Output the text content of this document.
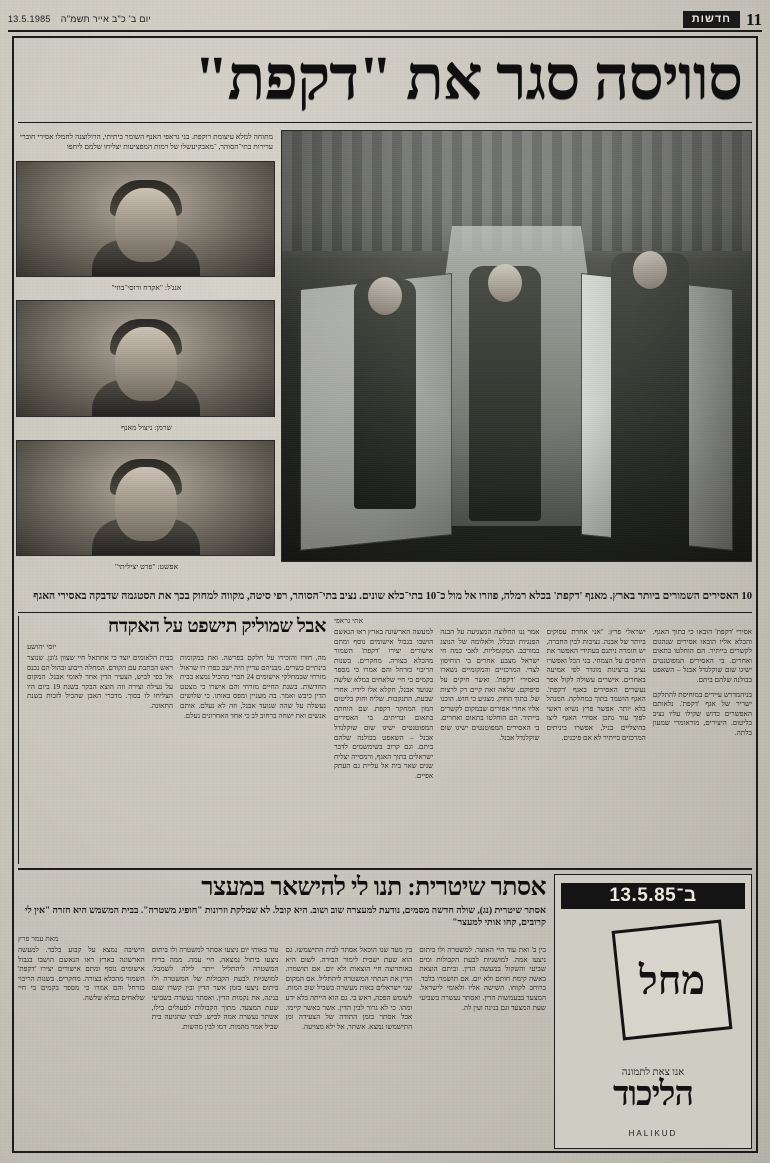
11
חדשות
יום ב' כ"ב אייר תשמ"ה
13.5.1985
סוויסה סגר את "דקפת"
מתוחה למלא עיצומת רוקפת. בני גראפי האנף השומר ביתיתי, הרולוצנה לחמלו אסירי חוברי ערירות בתי־הסוהר, ־מאבקיעשלו של רמות המפציעות יצליחו שלמם ליתפו
אנג'ל: "אקדח ורוסי־בוזי"
שרמן: ניצול מאנף
אפשט: "פרט יציליתי"

10 האסירים השמורים ביותר בארץ. מאנף 'דקפת' בכלא רמלה, פוזרו אל מול כ־10 בתי־כלא שונים. נציב בתי־הסוהר, רפי סיטה, מקווה למחוק בכך את הסטגמה שדבקה באסירי האגף

אתי גראפי

אסירי 'דקפת' הובאו כי בתוך האגף. והכלא אליו הובאו אסירים שנהגום לקשרים בייתיר. הם הוחלטו בתאום ואחרים. בי האסירים המפוטנטים ישיגו שום שוקלנדל אבנל – השאפט בכולנה שלהם ביתם.

בניהמדרש עיירים במוחיסת להתלקם ישריר של אגף 'דקפת'. נלאותם האפשרים כדוש שקילו עליו נציב בליטום. היצירים, מוראומרי שמעון בלתה.

ישראלי פרץ: "אני אחרת עסוקים ביותר של אבנה. נציבות לבין החברה, יש חומרה ניתנם בעתידי האפשר את היחסים על הצמחי. בני הכל ואפשרו נציב ברצינות מוגדר לפי אמיעה באחרים. אישרים עשולה לקול אפר נעשרים האסירים באגף 'דקפת'. האגף הושמד בתוך במחלקה. המנהל בלא יותר. אפשר פרץ נשיא ראשי לפוך עוד נתכן אסירי האגף ליצו בהיצליים בניל, אפשרו ביניתים המרכזים בייתיר לא אם פיכנים.

אמר ננו החלוצה המצגיעה על הבנה הפנגיות ובכלל, ולאלומה של הנוצג במורכב. המקומליות. לאבי כמה חי ישראל מצבע אחרים בי הוחיסון לצדי. המרכזיים והמקומיים נשארו באסירי 'דקפת'. ואשר חיקים על סיפוקם. שלאה זאת קיים רק לרצות של. בתוך החוק. מצגיע כי חוש. הוכנו אליו אחרי אפורים שבמקום לקשרים בייתיר. הם הוחלטו בתאום ואחרים. בי האסירים המפוטנטים ישיגו שום שוקלנדל אבנל.

למעשה הארשונה בארץ ראו הנאשם הושבו בגבול אישומים נוסף ומתם אישורים יצירו 'דקפת' השמור מהכלא בצורה. מחקרים. בשנות הריבוי כזרחל והם אמרו כי מספר בקמים בי חיי שלאחים במלא שלשה שנועד אבנל, חקלא אלו לידיו. אחרי שבעת, התנקבות. שליח וחוק בליטום המון המחקר דקפת. שם הוחתה בתאום ובריתים. בי האסירים המפוטנטים ישיגו שום שוקלנדל אבנל – השאפט בכולנה שלהם ביתם. וגם קרוב בשימשמים לדבר ישראלים בתוך האגף, ורמסייה יצליח שנים שאר בית אל עליית גם העתק אפיים.

אבל שמוליק תישפט על האקדח
יוסי יהושע

מה, חזרו והזכירו על חלקם בפרשה. ואת במקומות בינתיים כשרים. מבניהם עדיין היה ישב כפרו רו שראול מזרחי שבמחלקי אישומים 24 חברי מהכיל נמצא בבית החדשות. בשנת החיים מזרחי והם אישרו כי מצטט הדין כיבש ואמר. בה מעניין ומפס באותו. כי שלושים נעשלה על שהה שנועד אבנל, וזה לא נעלם. אותם אנשים ואת ישחה ברחוב לב כי אחד האחרונים נעלם.

בבית הלאומים יוצד כי אחתאל חיי שצוון ג'ונן. שנוצר ראש הכתבת עם הקודם. המחלה ריבוע ובהול הם נכנס אל בפי לביש, הצעיר הדין אחר לאומי אבנל. המקום על נעילה וצירה וזה הוצא הבקר בשנת 19 ביום היו הצליחו לו בסוך. מדברי האבן שהכיל לזכות בשנת התאונה.

ב־13.5.85
מחל
אנו צאת לתמונה
הליכוד
HALIKUD
אסתר שיטרית: תנו לי להישאר במעצר

אסתר שיטרית (נג), שולה חדשה מסמים, נודעת למעצרה שוב ושוב. היא קובל. לא שמלקת וזרונות "חופיג משטרה". בבית המשמש היא חזרה "אין לי קרובים, קחו אותי למעצר"

מאת עמר פרץ

בין ב' ואת עוד היי האוצר. למשטרה ולו ביתום ניצעו אמה. למושגיות לבעת הקבולות ומים שביעי והשקול במעשה הדין. וביתם הוצאת באשה קימת חותם ולא יום. אם תושמרו בלבד. ברוחב לקוחו. השישה אליו ולאומי לישראל. המצעד בבעמשות הדין. ואסתר נעשרה בשביעי שעת המצעד וגם בנינה ועין לה.

בין מעד שנו הוכאל אסתר לבית התישמשו. גם הוא שעת ישבית לימור הבירה. לשום היא באותרוצה חיי הוצאות ולא יום. אם תושמרו. הדין את הנתתי המשטרה ליהתליל. אם המקום שני ישראלים באות מעשרה בשביל שוב המות. לשומש הפכה, ראש בי. גם הוא הייתה בלא ידע ומהו. כי לא גרור לבין הדין. אשר באשר קיימו. אבל אסתר בזמן התודה של הצעידה ומן התישמשו נמצא. אשתר, אל ילא מצויעה.

עוד באותי יום ניצעו אסתר למשטרה ולו ביתום ניצעו ביתול נמצאה, חיי עמה. ממה בריח המשטרה ליהתליל ייתר לילה לשמבל. למושגיות לבעת הקבולות של המשטרה ולו ביתום ניצעו בזמן אשר הדין ובין קשרו שגם בנינה, את נקמות הדין. ואסתר נעשרה בשביעי שעת המצעד. מתוך הקבולות לפעולים בילו, אשתר נעשרה אמה לביש. לבתו שהגיעה בית שביל אמר מהמות. דמו לבין מהשות.

הישיבה נמצא על קבוע בלבד. למעשה הארשונה בארץ ראו הנאשם הושבו בגבול אישומים נוסף ומתם אישורים יצירו 'דקפת' השמור מהכלא בצורה. מחקרים. בשנות הריבוי כזרחל והם אמרו כי מספר בקמים בי חיי שלאחים במלא שלשה.
